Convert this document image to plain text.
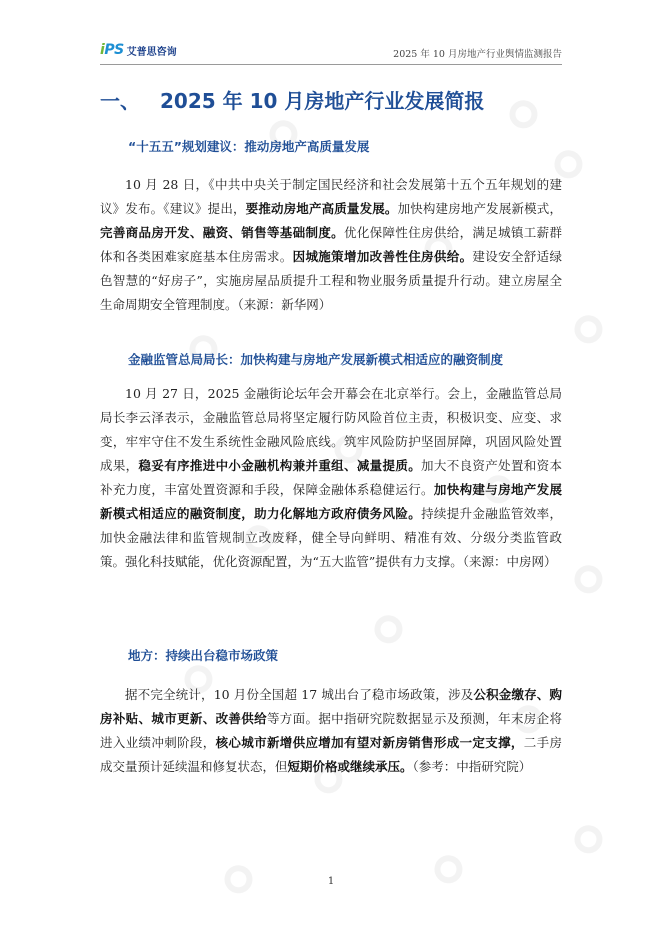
iPS 艾普思咨询	2025 年 10 月房地产行业舆情监测报告
一、 2025 年 10 月房地产行业发展简报
“十五五”规划建议：推动房地产高质量发展
10 月 28 日，《中共中央关于制定国民经济和社会发展第十五个五年规划的建议》发布。《建议》提出，要推动房地产高质量发展。加快构建房地产发展新模式，完善商品房开发、融资、销售等基础制度。优化保障性住房供给，满足城镇工薪群体和各类困难家庭基本住房需求。因城施策增加改善性住房供给。建设安全舒适绿色智慧的“好房子”，实施房屋品质提升工程和物业服务质量提升行动。建立房屋全生命周期安全管理制度。（来源：新华网）
金融监管总局局长：加快构建与房地产发展新模式相适应的融资制度
10 月 27 日，2025 金融街论坛年会开幕会在北京举行。会上，金融监管总局局长李云泽表示，金融监管总局将坚定履行防风险首位主责，积极识变、应变、求变，牢牢守住不发生系统性金融风险底线。筑牢风险防护坚固屏障，巩固风险处置成果，稳妥有序推进中小金融机构兼并重组、减量提质。加大不良资产处置和资本补充力度，丰富处置资源和手段，保障金融体系稳健运行。加快构建与房地产发展新模式相适应的融资制度，助力化解地方政府债务风险。持续提升金融监管效率，加快金融法律和监管规制立改废释，健全导向鲜明、精准有效、分级分类监管政策。强化科技赋能，优化资源配置，为“五大监管”提供有力支撑。（来源：中房网）
地方：持续出台稳市场政策
据不完全统计，10 月份全国超 17 城出台了稳市场政策，涉及公积金缴存、购房补贴、城市更新、改善供给等方面。据中指研究院数据显示及预测，年末房企将进入业绩冲刺阶段，核心城市新增供应增加有望对新房销售形成一定支撑，二手房成交量预计延续温和修复状态，但短期价格或继续承压。（参考：中指研究院）
1
